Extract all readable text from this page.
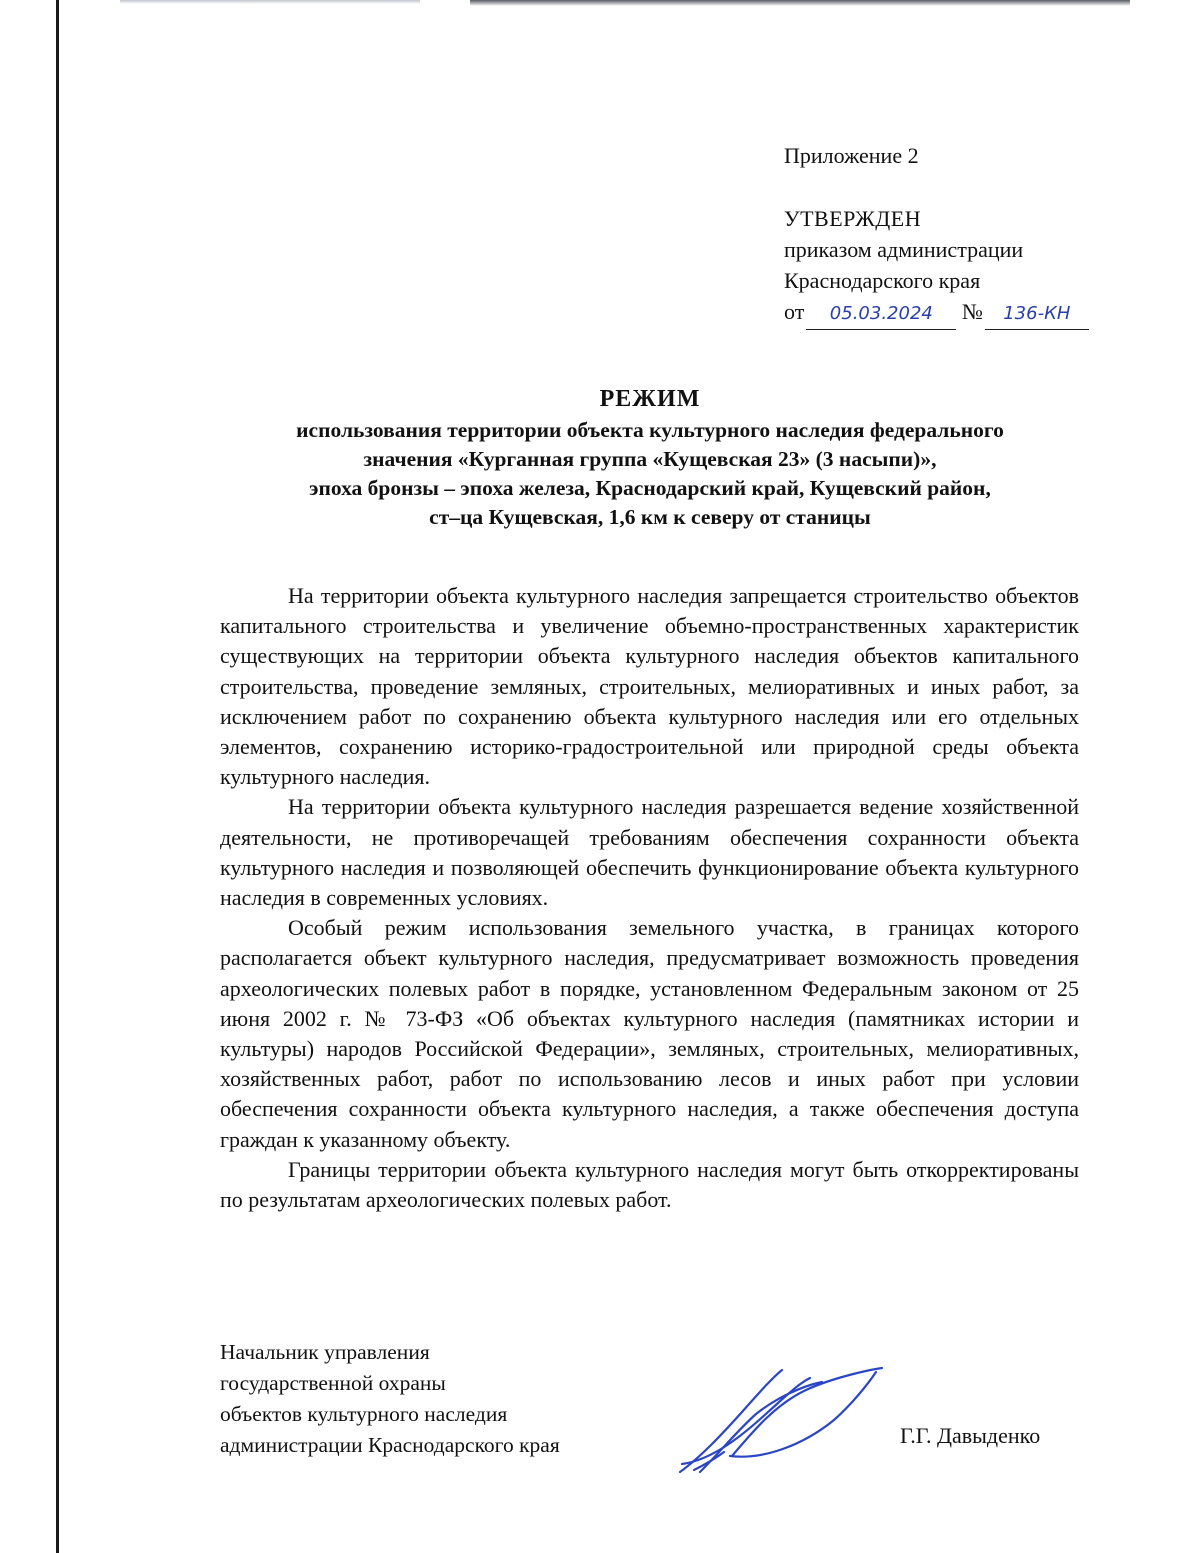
Приложение 2
УТВЕРЖДЕН
приказом администрации
Краснодарского края
от 05.03.2024 № 136-КН
РЕЖИМ
использования территории объекта культурного наследия федерального
значения «Курганная группа «Кущевская 23» (3 насыпи)»,
эпоха бронзы – эпоха железа, Краснодарский край, Кущевский район,
ст–ца Кущевская, 1,6 км к северу от станицы

На территории объекта культурного наследия запрещается строительство объектов капитального строительства и увеличение объемно-пространственных характеристик существующих на территории объекта культурного наследия объектов капитального строительства, проведение земляных, строительных, мелиоративных и иных работ, за исключением работ по сохранению объекта культурного наследия или его отдельных элементов, сохранению историко-градостроительной или природной среды объекта культурного наследия.

На территории объекта культурного наследия разрешается ведение хозяйственной деятельности, не противоречащей требованиям обеспечения сохранности объекта культурного наследия и позволяющей обеспечить функционирование объекта культурного наследия в современных условиях.

Особый режим использования земельного участка, в границах которого располагается объект культурного наследия, предусматривает возможность проведения археологических полевых работ в порядке, установленном Федеральным законом от 25 июня 2002 г. № 73-ФЗ «Об объектах культурного наследия (памятниках истории и культуры) народов Российской Федерации», земляных, строительных, мелиоративных, хозяйственных работ, работ по использованию лесов и иных работ при условии обеспечения сохранности объекта культурного наследия, а также обеспечения доступа граждан к указанному объекту.

Границы территории объекта культурного наследия могут быть откорректированы по результатам археологических полевых работ.

Начальник управления
государственной охраны
объектов культурного наследия
администрации Краснодарского края	Г.Г. Давыденко
